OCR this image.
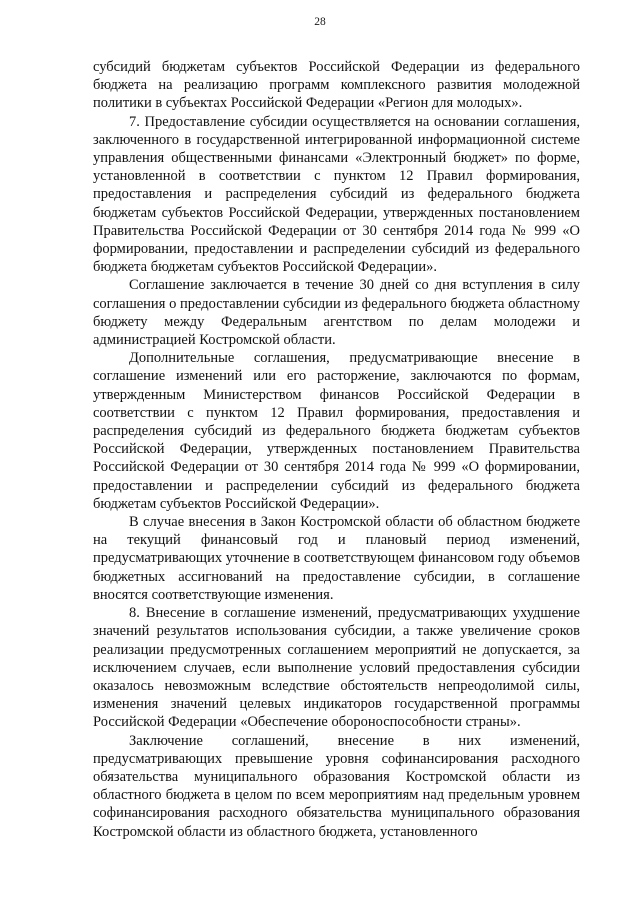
28

субсидий бюджетам субъектов Российской Федерации из федерального бюджета на реализацию программ комплексного развития молодежной политики в субъектах Российской Федерации «Регион для молодых».

7. Предоставление субсидии осуществляется на основании соглашения, заключенного в государственной интегрированной информационной системе управления общественными финансами «Электронный бюджет» по форме, установленной в соответствии с пунктом 12 Правил формирования, предоставления и распределения субсидий из федерального бюджета бюджетам субъектов Российской Федерации, утвержденных постановлением Правительства Российской Федерации от 30 сентября 2014 года № 999 «О формировании, предоставлении и распределении субсидий из федерального бюджета бюджетам субъектов Российской Федерации».

Соглашение заключается в течение 30 дней со дня вступления в силу соглашения о предоставлении субсидии из федерального бюджета областному бюджету между Федеральным агентством по делам молодежи и администрацией Костромской области.

Дополнительные соглашения, предусматривающие внесение в соглашение изменений или его расторжение, заключаются по формам, утвержденным Министерством финансов Российской Федерации в соответствии с пунктом 12 Правил формирования, предоставления и распределения субсидий из федерального бюджета бюджетам субъектов Российской Федерации, утвержденных постановлением Правительства Российской Федерации от 30 сентября 2014 года № 999 «О формировании, предоставлении и распределении субсидий из федерального бюджета бюджетам субъектов Российской Федерации».

В случае внесения в Закон Костромской области об областном бюджете на текущий финансовый год и плановый период изменений, предусматривающих уточнение в соответствующем финансовом году объемов бюджетных ассигнований на предоставление субсидии, в соглашение вносятся соответствующие изменения.

8. Внесение в соглашение изменений, предусматривающих ухудшение значений результатов использования субсидии, а также увеличение сроков реализации предусмотренных соглашением мероприятий не допускается, за исключением случаев, если выполнение условий предоставления субсидии оказалось невозможным вследствие обстоятельств непреодолимой силы, изменения значений целевых индикаторов государственной программы Российской Федерации «Обеспечение обороноспособности страны».

Заключение соглашений, внесение в них изменений, предусматривающих превышение уровня софинансирования расходного обязательства муниципального образования Костромской области из областного бюджета в целом по всем мероприятиям над предельным уровнем софинансирования расходного обязательства муниципального образования Костромской области из областного бюджета, установленного
